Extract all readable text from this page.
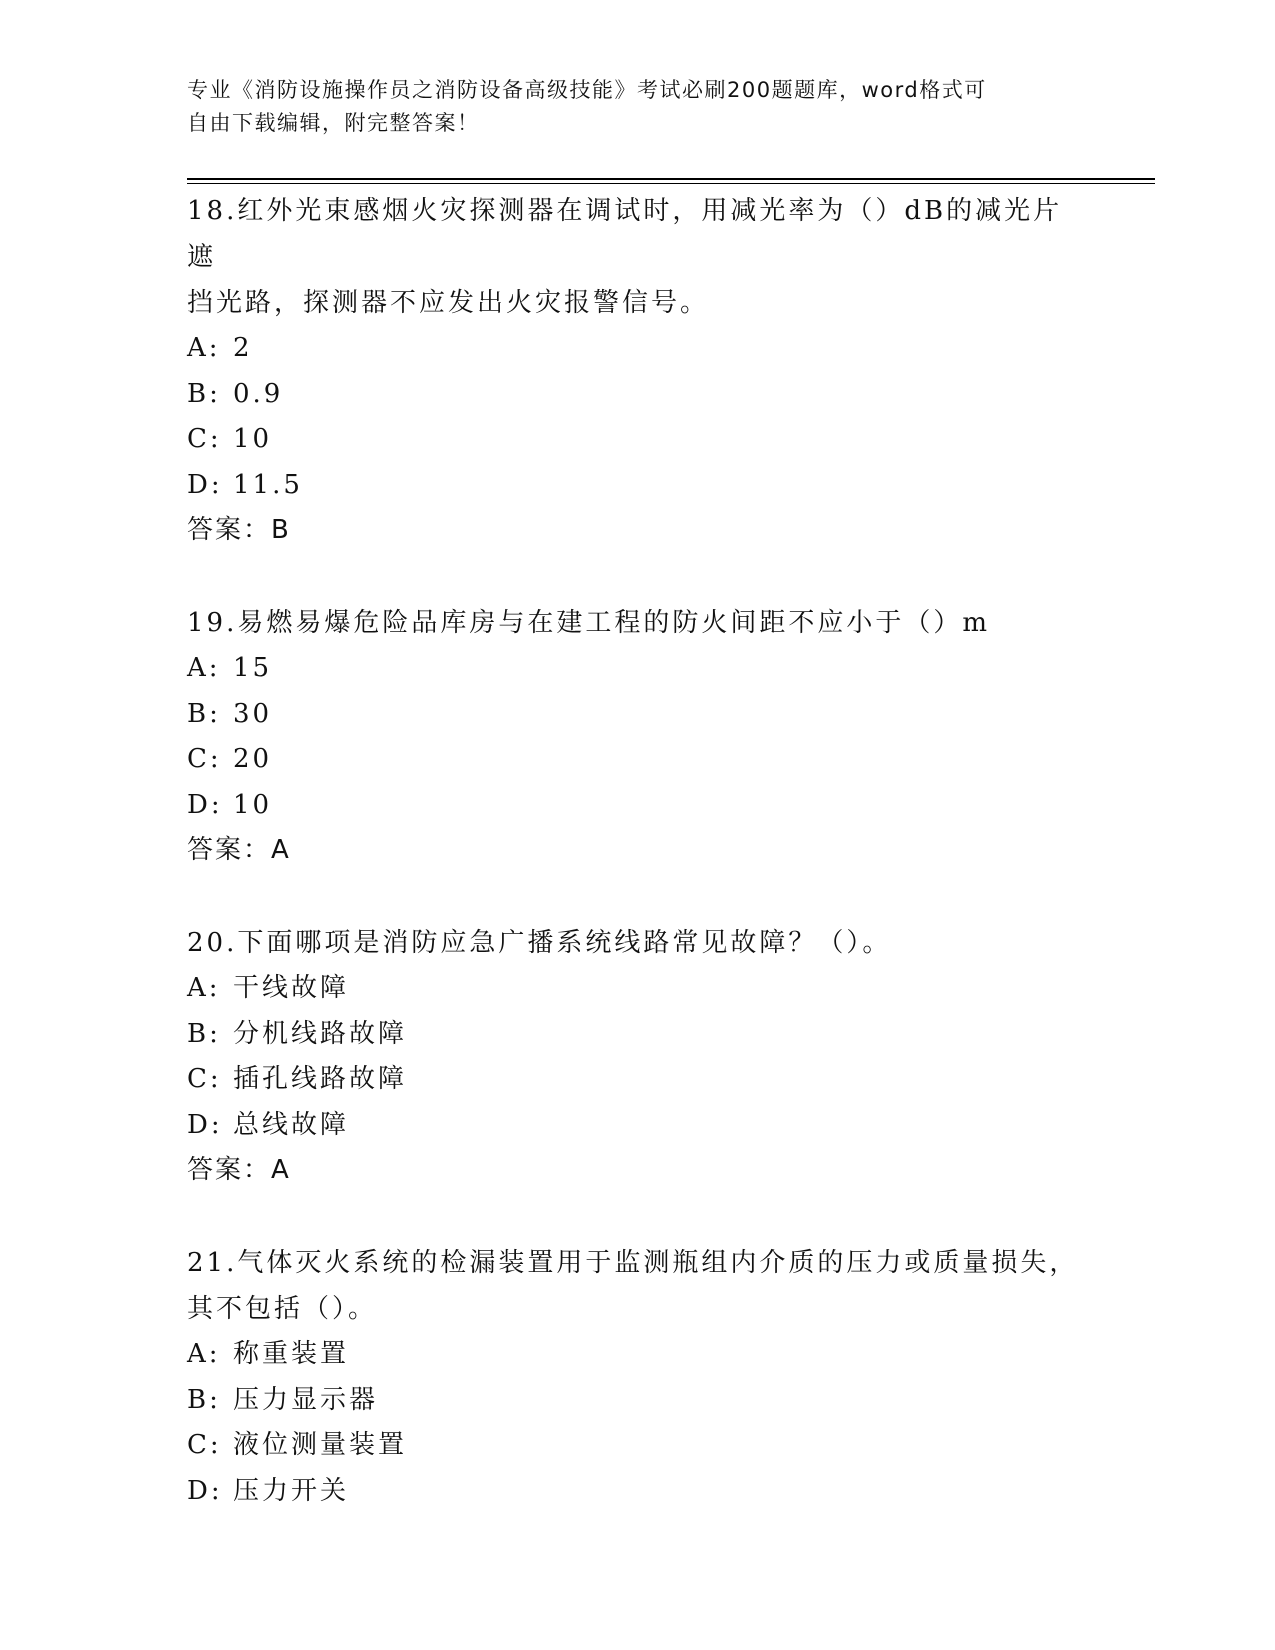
专业《消防设施操作员之消防设备高级技能》考试必刷200题题库，word格式可
自由下载编辑，附完整答案！
18.红外光束感烟火灾探测器在调试时，用减光率为（）dB的减光片遮
挡光路，探测器不应发出火灾报警信号。
A: 2
B: 0.9
C: 10
D: 11.5
答案：B
19.易燃易爆危险品库房与在建工程的防火间距不应小于（）m
A: 15
B: 30
C: 20
D: 10
答案：A
20.下面哪项是消防应急广播系统线路常见故障？（）。
A: 干线故障
B: 分机线路故障
C: 插孔线路故障
D: 总线故障
答案：A
21.气体灭火系统的检漏装置用于监测瓶组内介质的压力或质量损失，
其不包括（）。
A: 称重装置
B: 压力显示器
C: 液位测量装置
D: 压力开关
